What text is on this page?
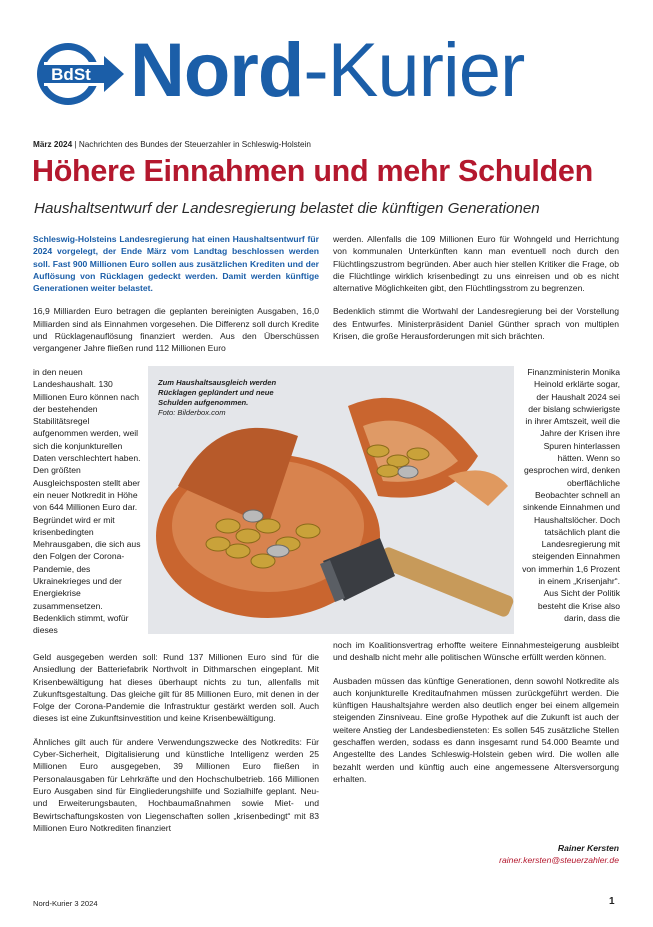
BdSt Nord-Kurier
März 2024 | Nachrichten des Bundes der Steuerzahler in Schleswig-Holstein
Höhere Einnahmen und mehr Schulden
Haushaltsentwurf der Landesregierung belastet die künftigen Generationen

Schleswig-Holsteins Landesregierung hat einen Haushaltsentwurf für 2024 vorgelegt, der Ende März vom Landtag beschlossen werden soll. Fast 900 Millionen Euro sollen aus zusätzlichen Krediten und der Auflösung von Rücklagen gedeckt werden. Damit werden künftige Generationen weiter belastet.

16,9 Milliarden Euro betragen die geplanten bereinigten Ausgaben, 16,0 Milliarden sind als Einnahmen vorgesehen. Die Differenz soll durch Kredite und Rücklagenauflösung finanziert werden. Aus den Überschüssen vergangener Jahre fließen rund 112 Millionen Euro

in den neuen Landeshaushalt. 130 Millionen Euro können nach der bestehenden Stabilitätsregel aufgenommen werden, weil sich die konjunkturellen Daten verschlechtert haben. Den größten Ausgleichsposten stellt aber ein neuer Notkredit in Höhe von 644 Millionen Euro dar. Begründet wird er mit krisenbedingten Mehrausgaben, die sich aus den Folgen der Corona-Pandemie, des Ukrainekrieges und der Energiekrise zusammensetzen. Bedenklich stimmt, wofür dieses

werden. Allenfalls die 109 Millionen Euro für Wohngeld und Herrichtung von kommunalen Unterkünften kann man eventuell noch durch den Flüchtlingszustrom begründen. Aber auch hier stellen Kritiker die Frage, ob die Flüchtlinge wirklich krisenbedingt zu uns einreisen und ob es nicht alternative Möglichkeiten gibt, den Flüchtlingsstrom zu begrenzen.

Bedenklich stimmt die Wortwahl der Landesregierung bei der Vorstellung des Entwurfes. Ministerpräsident Daniel Günther sprach von multiplen Krisen, die große Herausforderungen mit sich brächten.

Finanzministerin Monika Heinold erklärte sogar, der Haushalt 2024 sei der bislang schwierigste in ihrer Amtszeit, weil die Jahre der Krisen ihre Spuren hinterlassen hätten. Wenn so gesprochen wird, denken oberflächliche Beobachter schnell an sinkende Einnahmen und Haushaltslöcher. Doch tatsächlich plant die Landesregierung mit steigenden Einnahmen von immerhin 1,6 Prozent in einem „Krisenjahr“. Aus Sicht der Politik besteht die Krise also darin, dass die
Zum Haushaltsausgleich werden Rücklagen geplündert und neue Schulden aufgenommen.
Foto: Bilderbox.com

Geld ausgegeben werden soll: Rund 137 Millionen Euro sind für die Ansiedlung der Batteriefabrik Northvolt in Dithmarschen eingeplant. Mit Krisenbewältigung hat dieses überhaupt nichts zu tun, allenfalls mit Zukunftsgestaltung. Das gleiche gilt für 85 Millionen Euro, mit denen in der Folge der Corona-Pandemie die Infrastruktur gestärkt werden soll. Auch dieses ist eine Zukunftsinvestition und keine Krisenbewältigung.

Ähnliches gilt auch für andere Verwendungszwecke des Notkredits: Für Cyber-Sicherheit, Digitalisierung und künstliche Intelligenz werden 25 Millionen Euro ausgegeben, 39 Millionen Euro fließen in Personalausgaben für Lehrkräfte und den Hochschulbetrieb. 166 Millionen Euro Ausgaben sind für Eingliederungshilfe und Sozialhilfe geplant. Neu- und Erweiterungsbauten, Hochbaumaßnahmen sowie Miet- und Bewirtschaftungskosten von Liegenschaften sollen „krisenbedingt“ mit 83 Millionen Euro Notkrediten finanziert

noch im Koalitionsvertrag erhoffte weitere Einnahmesteigerung ausbleibt und deshalb nicht mehr alle politischen Wünsche erfüllt werden können.

Ausbaden müssen das künftige Generationen, denn sowohl Notkredite als auch konjunkturelle Kreditaufnahmen müssen zurückgeführt werden. Die künftigen Haushaltsjahre werden also deutlich enger bei einem allgemein steigenden Zinsniveau. Eine große Hypothek auf die Zukunft ist auch der weitere Anstieg der Landesbediensteten: Es sollen 545 zusätzliche Stellen geschaffen werden, sodass es dann insgesamt rund 54.000 Beamte und Angestellte des Landes Schleswig-Holstein geben wird. Die wollen alle bezahlt werden und künftig auch eine angemessene Altersversorgung erhalten.

Rainer Kersten
rainer.kersten@steuerzahler.de
Nord-Kurier 3 2024	1
